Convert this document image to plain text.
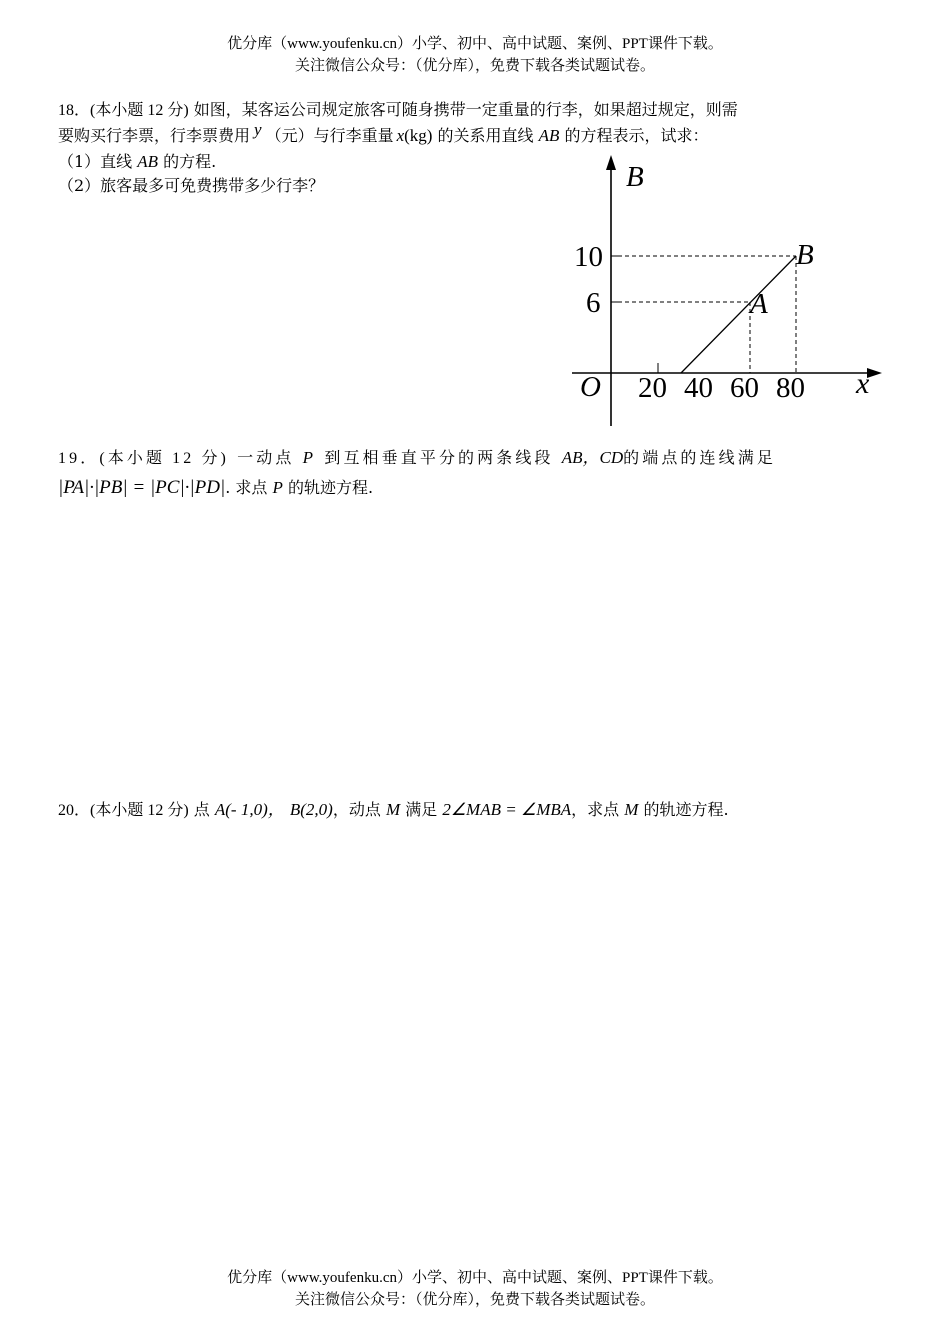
优分库（www.youfenku.cn）小学、初中、高中试题、案例、PPT课件下载。
关注微信公众号：（优分库），免费下载各类试题试卷。
18．(本小题 12 分) 如图，某客运公司规定旅客可随身携带一定重量的行李，如果超过规定，则需
要购买行李票，行李票费用 y （元）与行李重量 x(kg) 的关系用直线 AB 的方程表示，试求：
（1）直线 AB 的方程.
（2）旅客最多可免费携带多少行李？	B
x
O
10
6
20 40 60 80
B
A
19．(本小题 12 分) 一动点 P 到互相垂直平分的两条线段 AB，CD的端点的连线满足
|PA|·|PB| = |PC|·|PD|. 求点 P 的轨迹方程.
20．(本小题 12 分) 点 A(- 1,0)， B(2,0)，动点 M 满足 2∠MAB = ∠MBA，求点 M 的轨迹方程.
优分库（www.youfenku.cn）小学、初中、高中试题、案例、PPT课件下载。
关注微信公众号：（优分库），免费下载各类试题试卷。
